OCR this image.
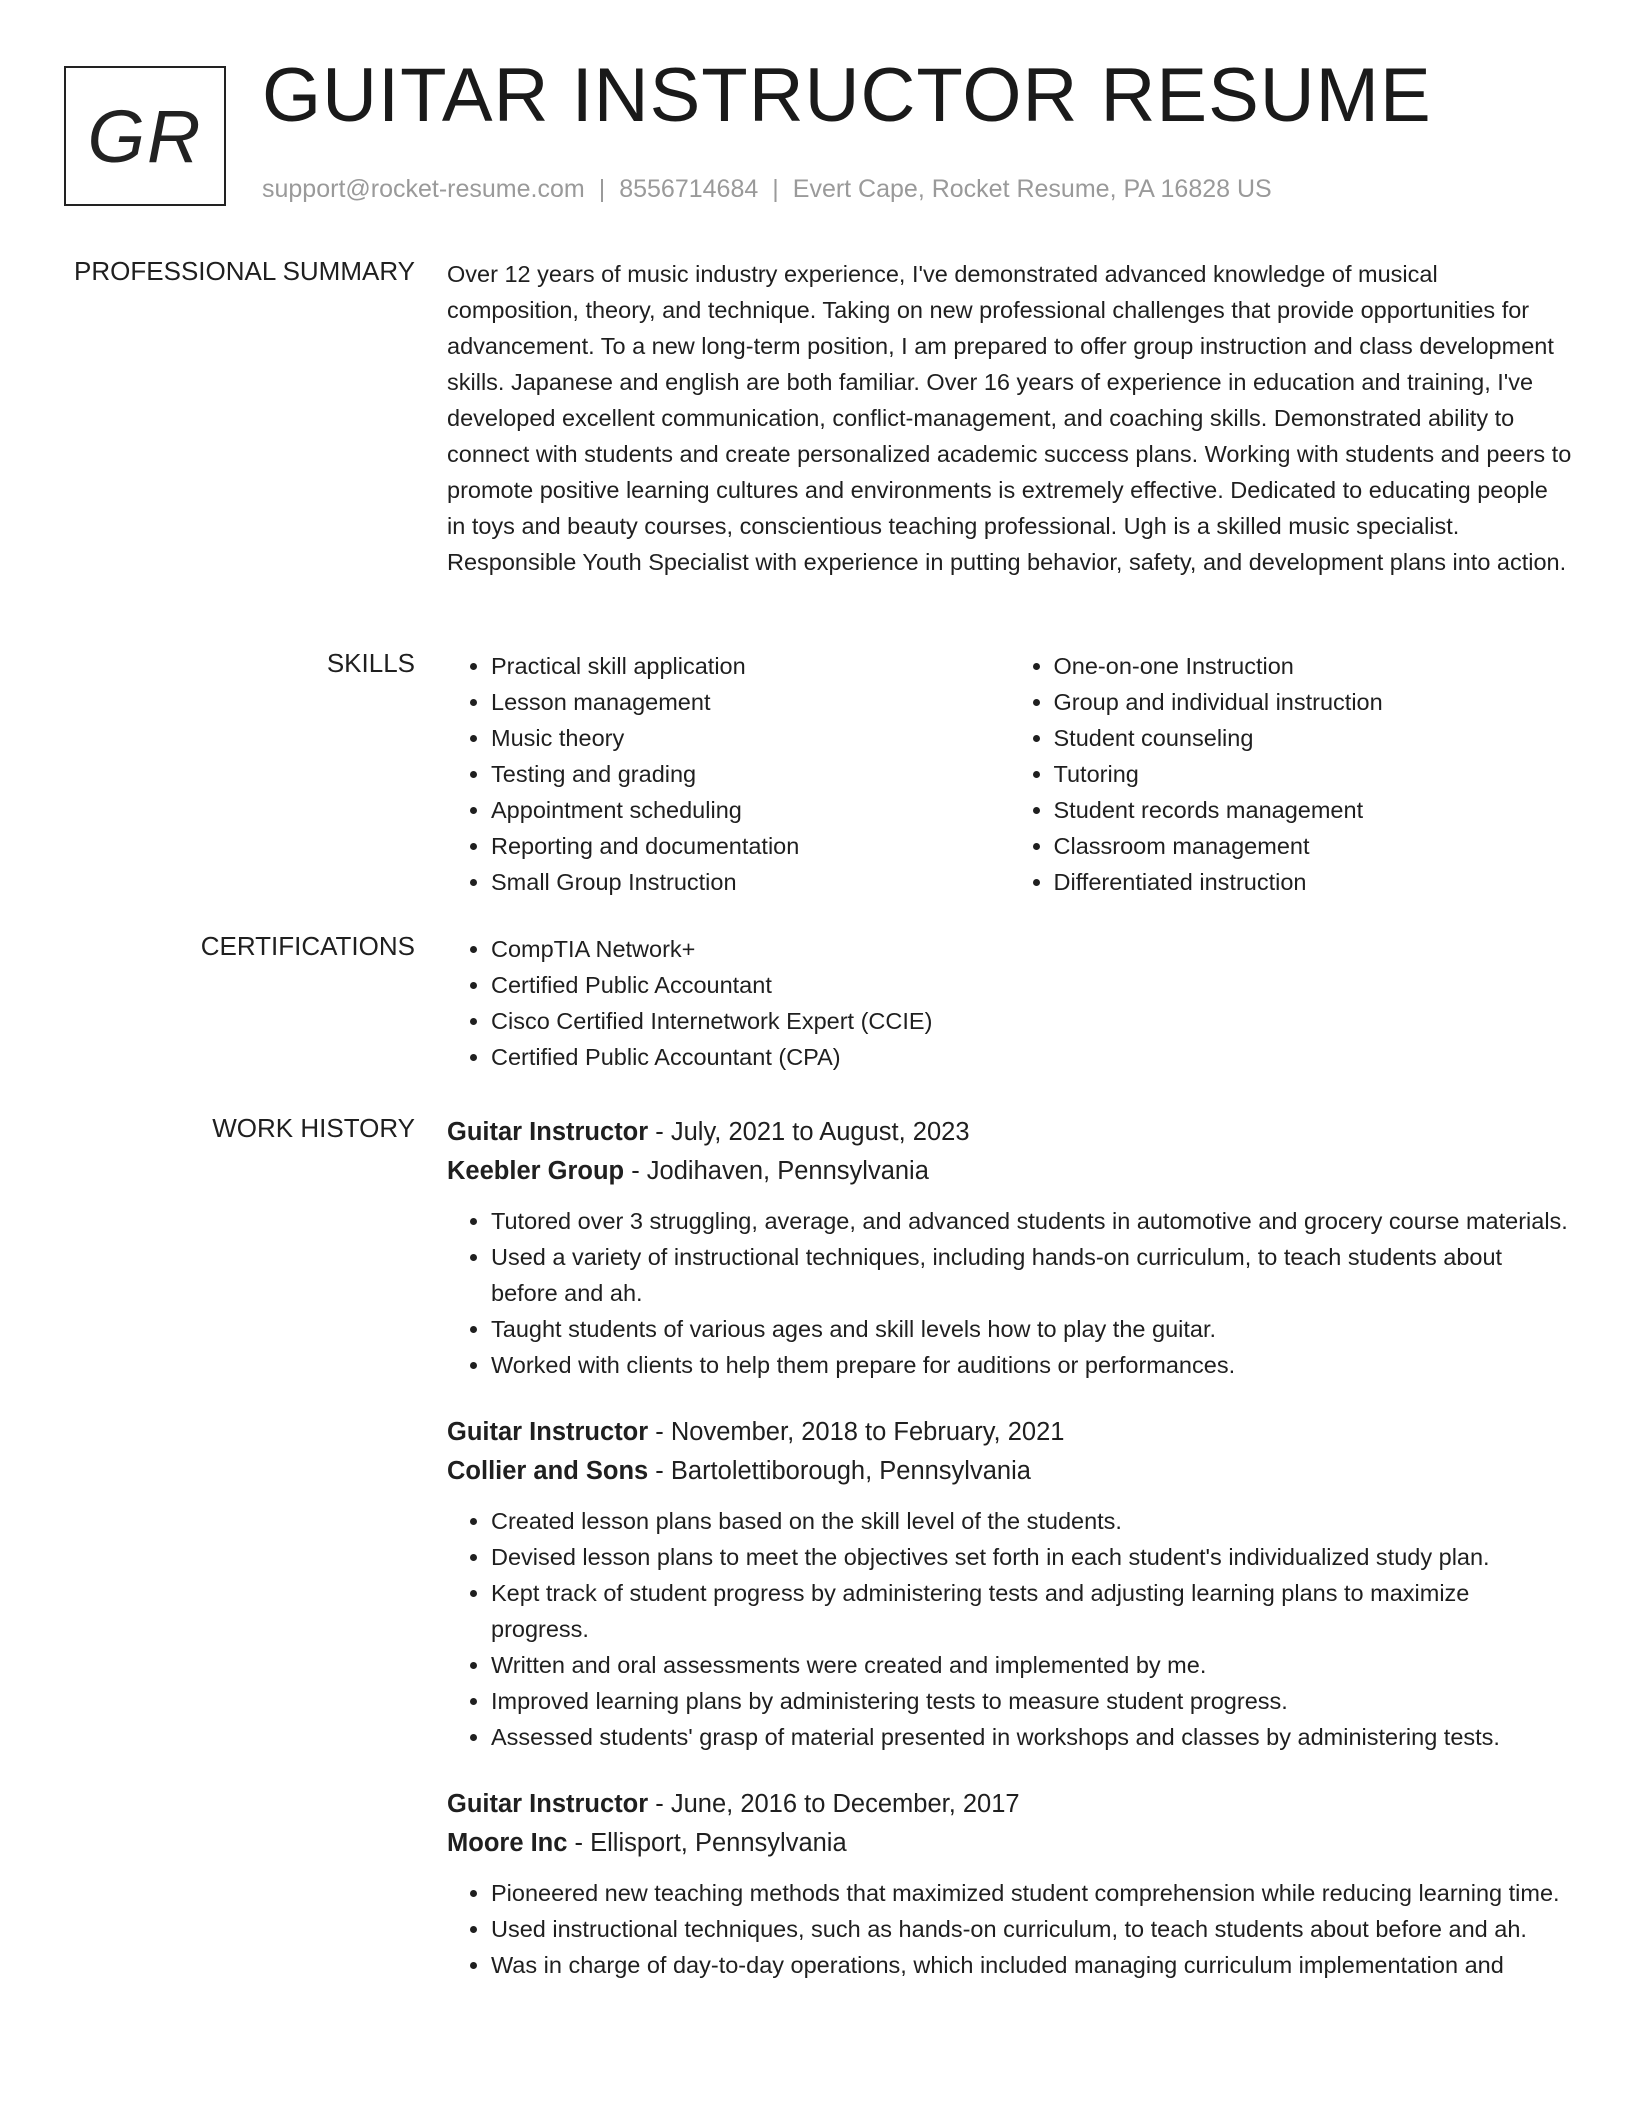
GR GUITAR INSTRUCTOR RESUME
support@rocket-resume.com | 8556714684 | Evert Cape, Rocket Resume, PA 16828 US
PROFESSIONAL SUMMARY Over 12 years of music industry experience, I've demonstrated advanced knowledge of musical composition, theory, and technique. Taking on new professional challenges that provide opportunities for advancement. To a new long-term position, I am prepared to offer group instruction and class development skills. Japanese and english are both familiar. Over 16 years of experience in education and training, I've developed excellent communication, conflict-management, and coaching skills. Demonstrated ability to connect with students and create personalized academic success plans. Working with students and peers to promote positive learning cultures and environments is extremely effective. Dedicated to educating people in toys and beauty courses, conscientious teaching professional. Ugh is a skilled music specialist. Responsible Youth Specialist with experience in putting behavior, safety, and development plans into action.

SKILLS	• Practical skill application
• Lesson management
• Music theory
• Testing and grading
• Appointment scheduling
• Reporting and documentation
• Small Group Instruction
• One-on-one Instruction
• Group and individual instruction
• Student counseling
• Tutoring
• Student records management
• Classroom management
• Differentiated instruction
CERTIFICATIONS	• CompTIA Network+
• Certified Public Accountant
• Cisco Certified Internetwork Expert (CCIE)
• Certified Public Accountant (CPA)
WORK HISTORY Guitar Instructor - July, 2021 to August, 2023
Keebler Group - Jodihaven, Pennsylvania
• Tutored over 3 struggling, average, and advanced students in automotive and grocery course materials.
• Used a variety of instructional techniques, including hands-on curriculum, to teach students about before and ah.
• Taught students of various ages and skill levels how to play the guitar.
• Worked with clients to help them prepare for auditions or performances.
Guitar Instructor - November, 2018 to February, 2021
Collier and Sons - Bartolettiborough, Pennsylvania
• Created lesson plans based on the skill level of the students.
• Devised lesson plans to meet the objectives set forth in each student's individualized study plan.
• Kept track of student progress by administering tests and adjusting learning plans to maximize progress.
• Written and oral assessments were created and implemented by me.
• Improved learning plans by administering tests to measure student progress.
• Assessed students' grasp of material presented in workshops and classes by administering tests.
Guitar Instructor - June, 2016 to December, 2017
Moore Inc - Ellisport, Pennsylvania
• Pioneered new teaching methods that maximized student comprehension while reducing learning time.
• Used instructional techniques, such as hands-on curriculum, to teach students about before and ah.
• Was in charge of day-to-day operations, which included managing curriculum implementation and
